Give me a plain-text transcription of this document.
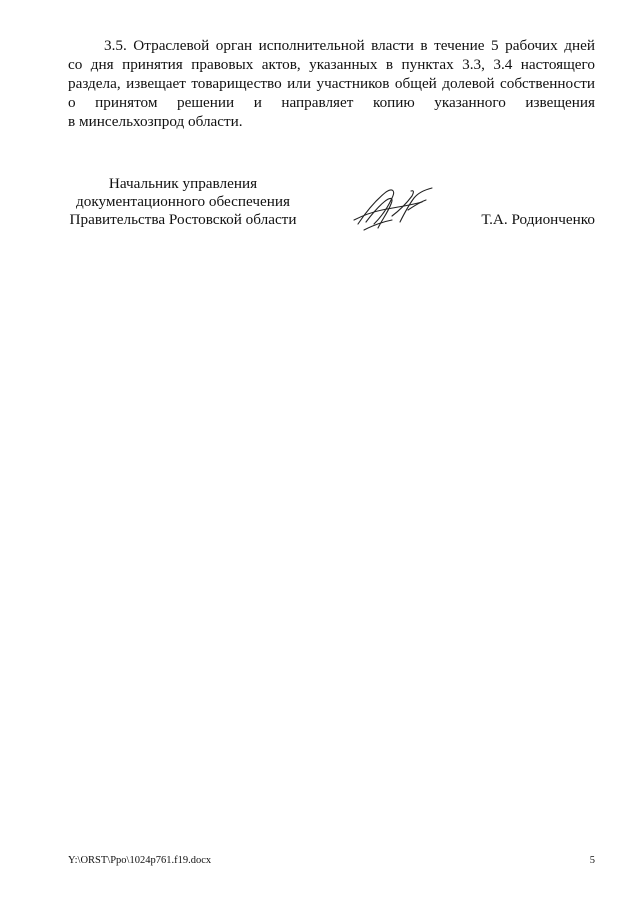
3.5. Отраслевой орган исполнительной власти в течение 5 рабочих дней
со дня принятия правовых актов, указанных в пунктах 3.3, 3.4 настоящего
раздела, извещает товарищество или участников общей долевой собственности
о принятом решении и направляет копию указанного извещения
в минсельхозпрод области.
Начальник управления
документационного обеспечения
Правительства Ростовской области	Т.А. Родионченко
Y:\ORST\Ppo\1024p761.f19.docx	5
